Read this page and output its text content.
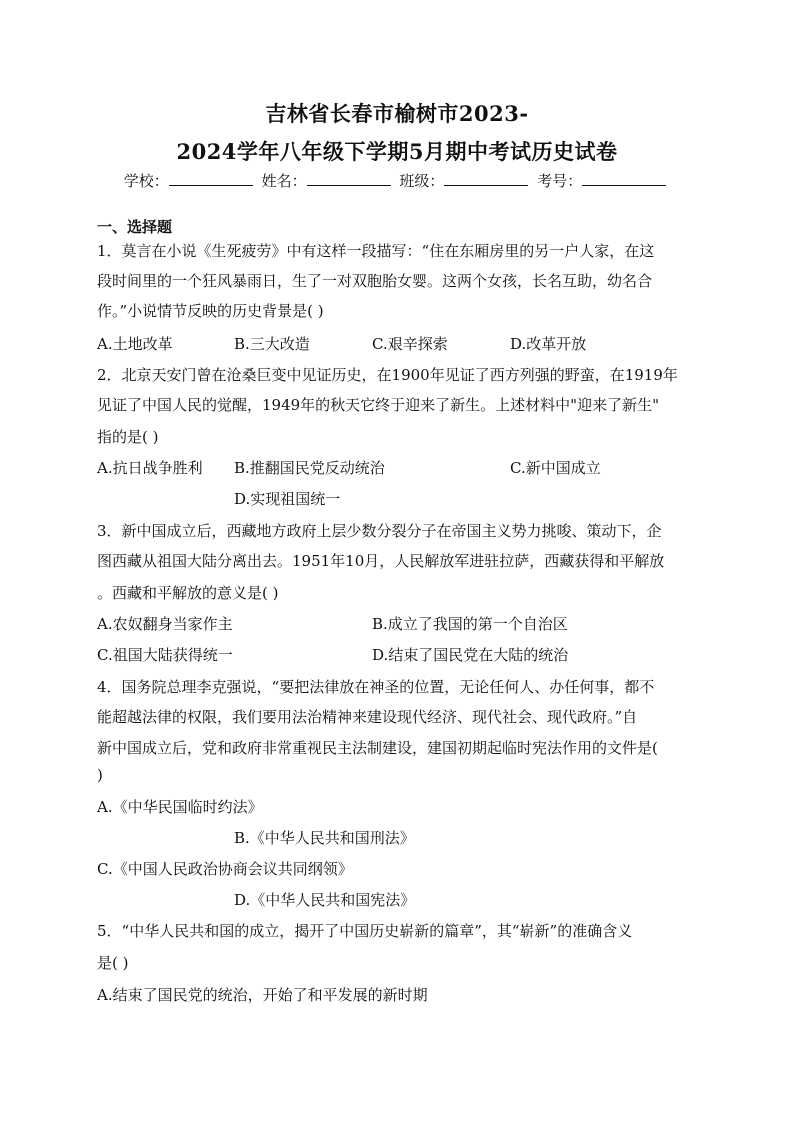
吉林省长春市榆树市2023-
2024学年八年级下学期5月期中考试历史试卷
学校：	姓名：	班级：	考号：
一、选择题
1．莫言在小说《生死疲劳》中有这样一段描写：“住在东厢房里的另一户人家，在这
段时间里的一个狂风暴雨日，生了一对双胞胎女婴。这两个女孩，长名互助，幼名合
作。”小说情节反映的历史背景是( )
A.土地改革	B.三大改造	C.艰辛探索	D.改革开放
2．北京天安门曾在沧桑巨变中见证历史，在1900年见证了西方列强的野蛮，在1919年
见证了中国人民的觉醒，1949年的秋天它终于迎来了新生。上述材料中"迎来了新生"
指的是( )
A.抗日战争胜利 B.推翻国民党反动统治	C.新中国成立
D.实现祖国统一
3．新中国成立后，西藏地方政府上层少数分裂分子在帝国主义势力挑唆、策动下，企
图西藏从祖国大陆分离出去。1951年10月，人民解放军进驻拉萨，西藏获得和平解放
。西藏和平解放的意义是( )
A.农奴翻身当家作主	B.成立了我国的第一个自治区
C.祖国大陆获得统一	D.结束了国民党在大陆的统治
4．国务院总理李克强说，“要把法律放在神圣的位置，无论任何人、办任何事，都不
能超越法律的权限，我们要用法治精神来建设现代经济、现代社会、现代政府。”自
新中国成立后，党和政府非常重视民主法制建设，建国初期起临时宪法作用的文件是(
)
A.《中华民国临时约法》
B.《中华人民共和国刑法》
C.《中国人民政治协商会议共同纲领》
D.《中华人民共和国宪法》
5．“中华人民共和国的成立，揭开了中国历史崭新的篇章”，其“崭新”的准确含义
是( )
A.结束了国民党的统治，开始了和平发展的新时期
